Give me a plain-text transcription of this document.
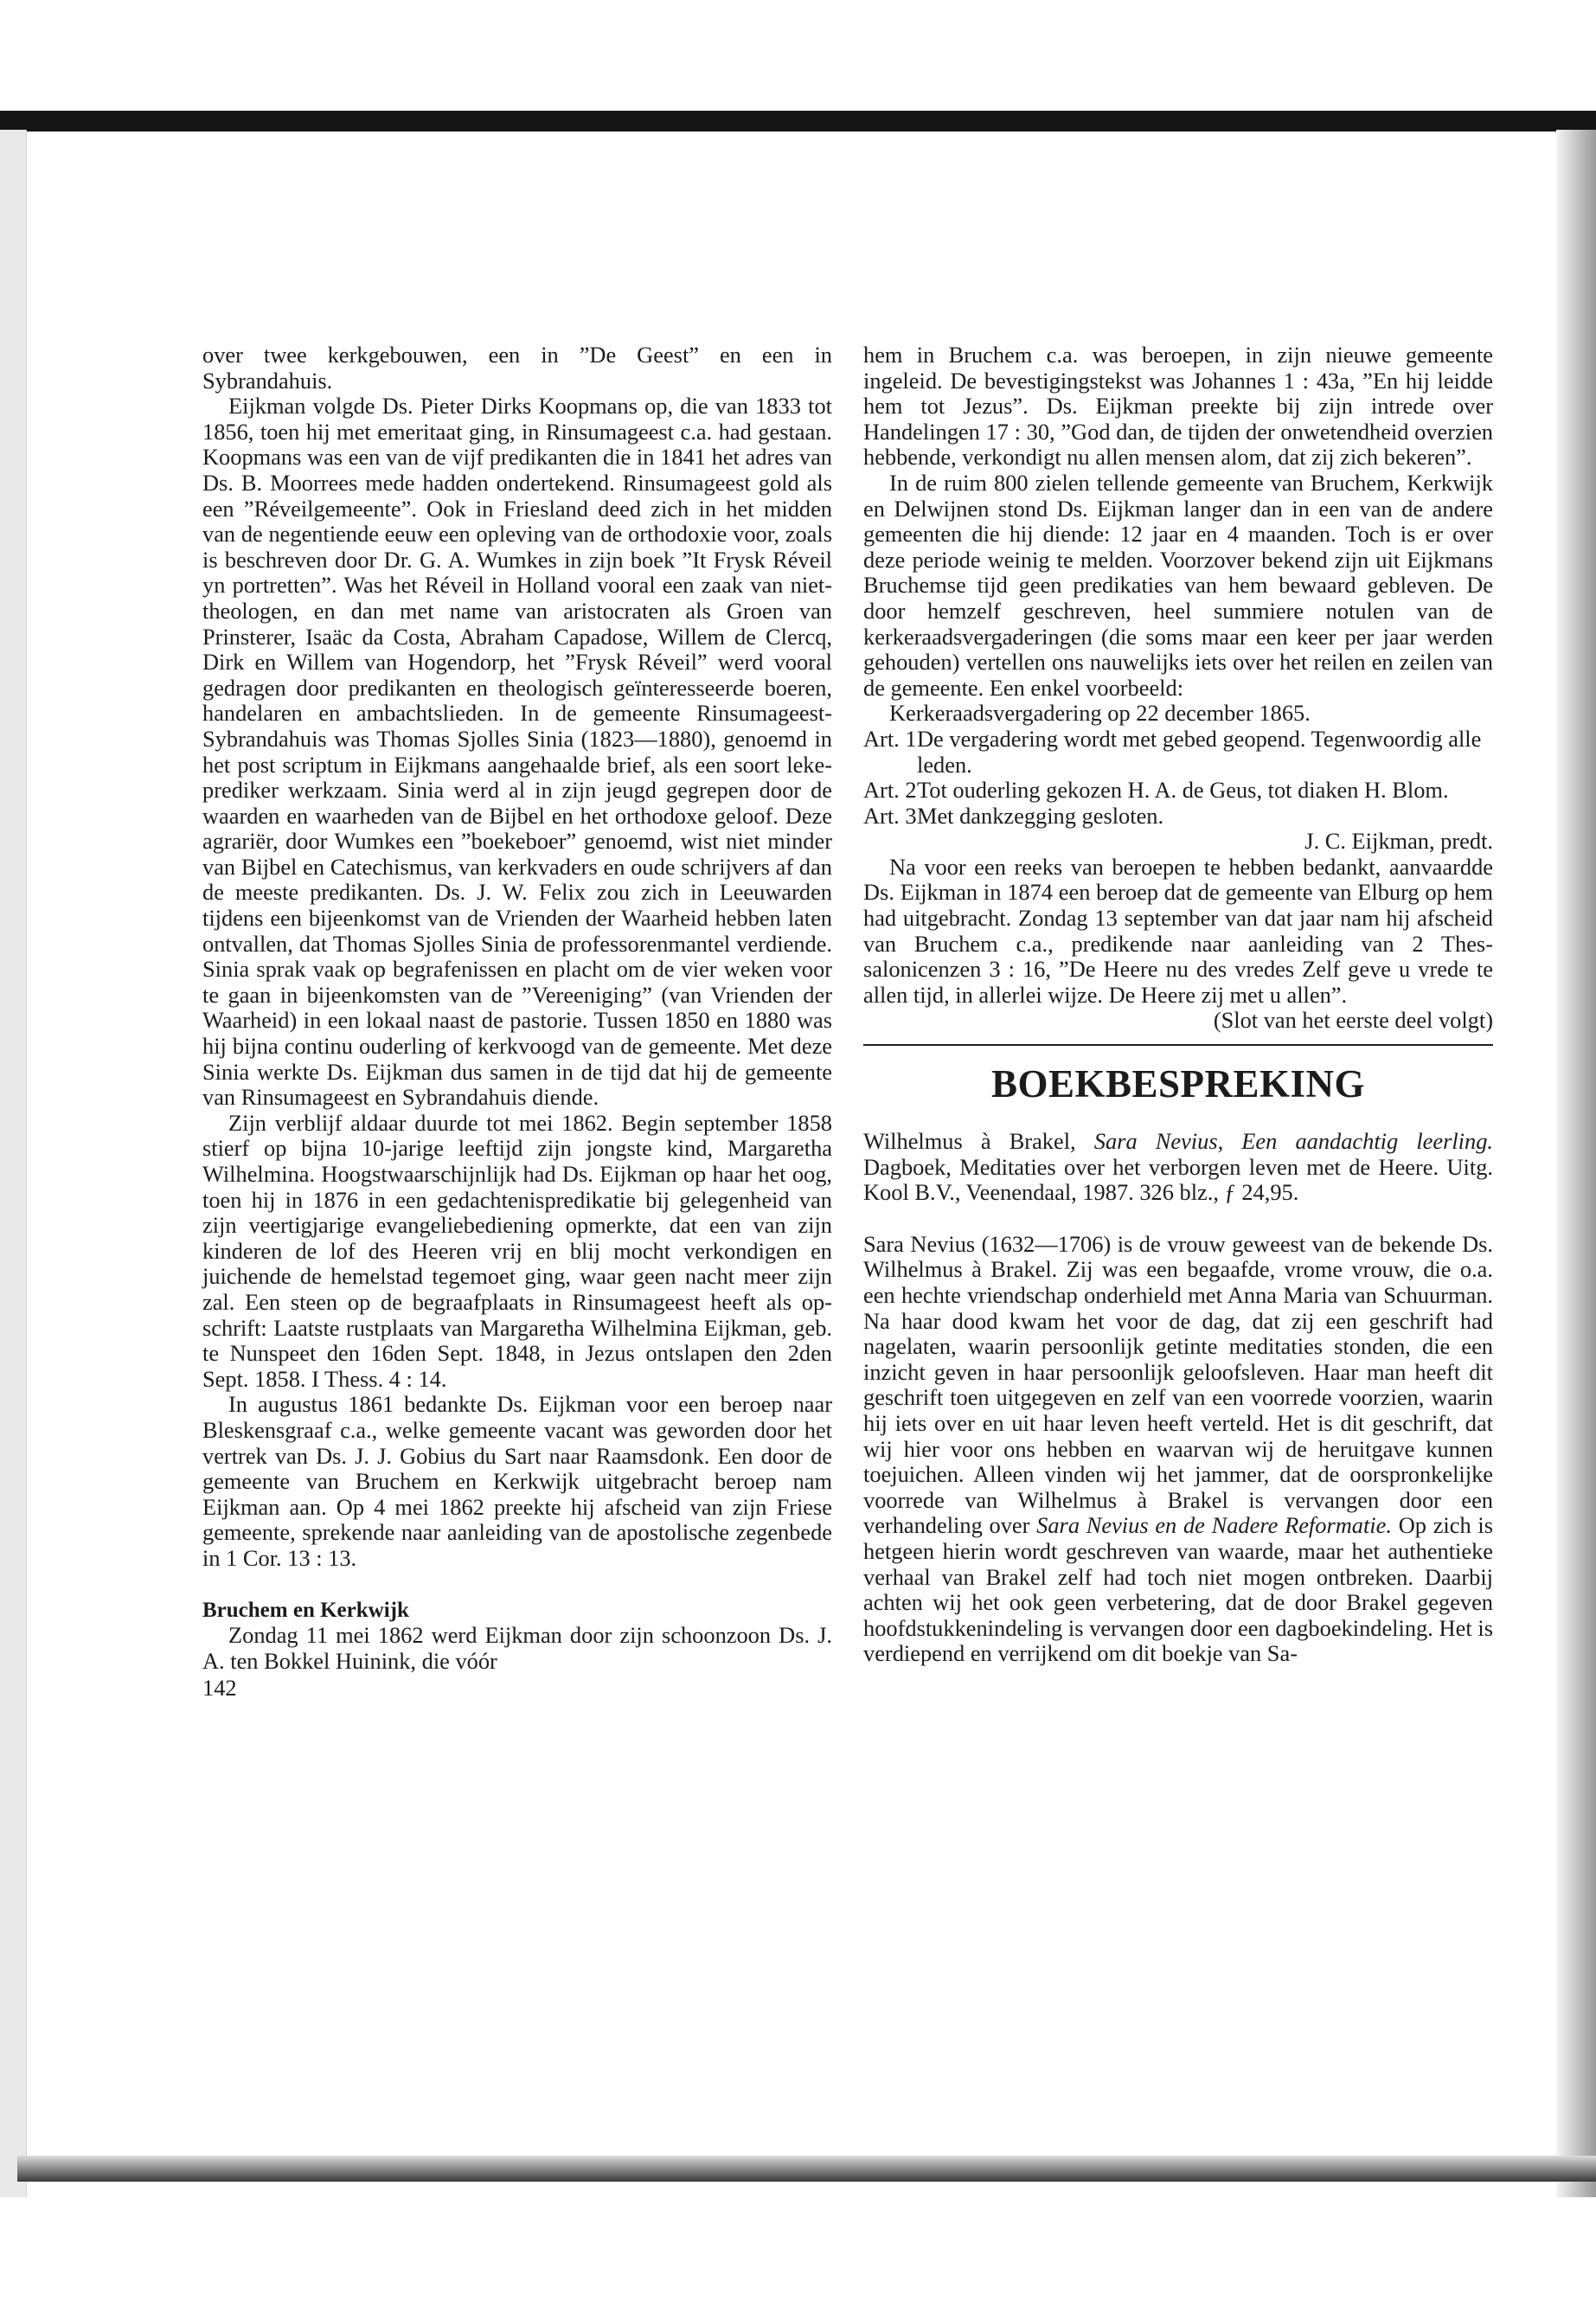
over twee kerkgebouwen, een in ”De Geest” en een in Sybrandahuis.

Eijkman volgde Ds. Pieter Dirks Koopmans op, die van 1833 tot 1856, toen hij met emeritaat ging, in Rinsumageest c.a. had gestaan. Koopmans was een van de vijf predikanten die in 1841 het adres van Ds. B. Moorrees mede hadden ondertekend. Rinsumageest gold als een ”Réveilgemeente”. Ook in Friesland deed zich in het midden van de negentiende eeuw een opleving van de orthodoxie voor, zoals is beschreven door Dr. G. A. Wumkes in zijn boek ”It Frysk Réveil yn portretten”. Was het Réveil in Holland vooral een zaak van niet-theologen, en dan met name van aristocraten als Groen van Prinsterer, Isaäc da Costa, Abraham Capadose, Willem de Clercq, Dirk en Willem van Hogendorp, het ”Frysk Réveil” werd vooral gedragen door predikanten en theologisch geïnteresseerde boeren, handelaren en ambachtslieden. In de gemeente Rinsumageest-Sybrandahuis was Thomas Sjolles Sinia (1823—1880), genoemd in het post scriptum in Eijkmans aangehaalde brief, als een soort lekeprediker werkzaam. Sinia werd al in zijn jeugd gegrepen door de waarden en waarheden van de Bijbel en het orthodoxe geloof. Deze agrariër, door Wumkes een ”boekeboer” genoemd, wist niet minder van Bijbel en Catechismus, van kerkvaders en oude schrijvers af dan de meeste predikanten. Ds. J. W. Felix zou zich in Leeuwarden tijdens een bijeenkomst van de Vrienden der Waarheid hebben laten ontvallen, dat Thomas Sjolles Sinia de professorenmantel verdiende. Sinia sprak vaak op begrafenissen en placht om de vier weken voor te gaan in bijeenkomsten van de ”Vereeniging” (van Vrienden der Waarheid) in een lokaal naast de pastorie. Tussen 1850 en 1880 was hij bijna continu ouderling of kerkvoogd van de gemeente. Met deze Sinia werkte Ds. Eijkman dus samen in de tijd dat hij de gemeente van Rinsumageest en Sybrandahuis diende.

Zijn verblijf aldaar duurde tot mei 1862. Begin september 1858 stierf op bijna 10-jarige leeftijd zijn jongste kind, Margaretha Wilhelmina. Hoogstwaarschijnlijk had Ds. Eijkman op haar het oog, toen hij in 1876 in een gedachtenispredikatie bij gelegenheid van zijn veertigjarige evangeliebediening opmerkte, dat een van zijn kinderen de lof des Heeren vrij en blij mocht verkondigen en juichende de hemelstad tegemoet ging, waar geen nacht meer zijn zal. Een steen op de begraafplaats in Rinsumageest heeft als opschrift: Laatste rustplaats van Margaretha Wilhelmina Eijkman, geb. te Nunspeet den 16den Sept. 1848, in Jezus ontslapen den 2den Sept. 1858. I Thess. 4 : 14.

In augustus 1861 bedankte Ds. Eijkman voor een beroep naar Bleskensgraaf c.a., welke gemeente vacant was geworden door het vertrek van Ds. J. J. Gobius du Sart naar Raamsdonk. Een door de gemeente van Bruchem en Kerkwijk uitgebracht beroep nam Eijkman aan. Op 4 mei 1862 preekte hij afscheid van zijn Friese gemeente, sprekende naar aanleiding van de apostolische zegenbede in 1 Cor. 13 : 13.

Bruchem en Kerkwijk

Zondag 11 mei 1862 werd Eijkman door zijn schoonzoon Ds. J. A. ten Bokkel Huinink, die vóór

142

hem in Bruchem c.a. was beroepen, in zijn nieuwe gemeente ingeleid. De bevestigingstekst was Johannes 1 : 43a, ”En hij leidde hem tot Jezus”. Ds. Eijkman preekte bij zijn intrede over Handelingen 17 : 30, ”God dan, de tijden der onwetendheid overzien hebbende, verkondigt nu allen mensen alom, dat zij zich bekeren”.

In de ruim 800 zielen tellende gemeente van Bruchem, Kerkwijk en Delwijnen stond Ds. Eijkman langer dan in een van de andere gemeenten die hij diende: 12 jaar en 4 maanden. Toch is er over deze periode weinig te melden. Voorzover bekend zijn uit Eijkmans Bruchemse tijd geen predikaties van hem bewaard gebleven. De door hemzelf geschreven, heel summiere notulen van de kerkeraadsvergaderingen (die soms maar een keer per jaar werden gehouden) vertellen ons nauwelijks iets over het reilen en zeilen van de gemeente. Een enkel voorbeeld:

Kerkeraadsvergadering op 22 december 1865.

Art. 1 De vergadering wordt met gebed geopend. Tegenwoordig alle leden.
Art. 2 Tot ouderling gekozen H. A. de Geus, tot diaken H. Blom.
Art. 3 Met dankzegging gesloten.

J. C. Eijkman, predt.

Na voor een reeks van beroepen te hebben bedankt, aanvaardde Ds. Eijkman in 1874 een beroep dat de gemeente van Elburg op hem had uitgebracht. Zondag 13 september van dat jaar nam hij afscheid van Bruchem c.a., predikende naar aanleiding van 2 Thessalonicenzen 3 : 16, ”De Heere nu des vredes Zelf geve u vrede te allen tijd, in allerlei wijze. De Heere zij met u allen”.

(Slot van het eerste deel volgt)

BOEKBESPREKING

Wilhelmus à Brakel, Sara Nevius, Een aandachtig leerling. Dagboek, Meditaties over het verborgen leven met de Heere. Uitg. Kool B.V., Veenendaal, 1987. 326 blz., ƒ 24,95.

Sara Nevius (1632—1706) is de vrouw geweest van de bekende Ds. Wilhelmus à Brakel. Zij was een begaafde, vrome vrouw, die o.a. een hechte vriendschap onderhield met Anna Maria van Schuurman. Na haar dood kwam het voor de dag, dat zij een geschrift had nagelaten, waarin persoonlijk getinte meditaties stonden, die een inzicht geven in haar persoonlijk geloofsleven. Haar man heeft dit geschrift toen uitgegeven en zelf van een voorrede voorzien, waarin hij iets over en uit haar leven heeft verteld. Het is dit geschrift, dat wij hier voor ons hebben en waarvan wij de heruitgave kunnen toejuichen. Alleen vinden wij het jammer, dat de oorspronkelijke voorrede van Wilhelmus à Brakel is vervangen door een verhandeling over Sara Nevius en de Nadere Reformatie. Op zich is hetgeen hierin wordt geschreven van waarde, maar het authentieke verhaal van Brakel zelf had toch niet mogen ontbreken. Daarbij achten wij het ook geen verbetering, dat de door Brakel gegeven hoofdstukkenindeling is vervangen door een dagboekindeling. Het is verdiepend en verrijkend om dit boekje van Sa-
